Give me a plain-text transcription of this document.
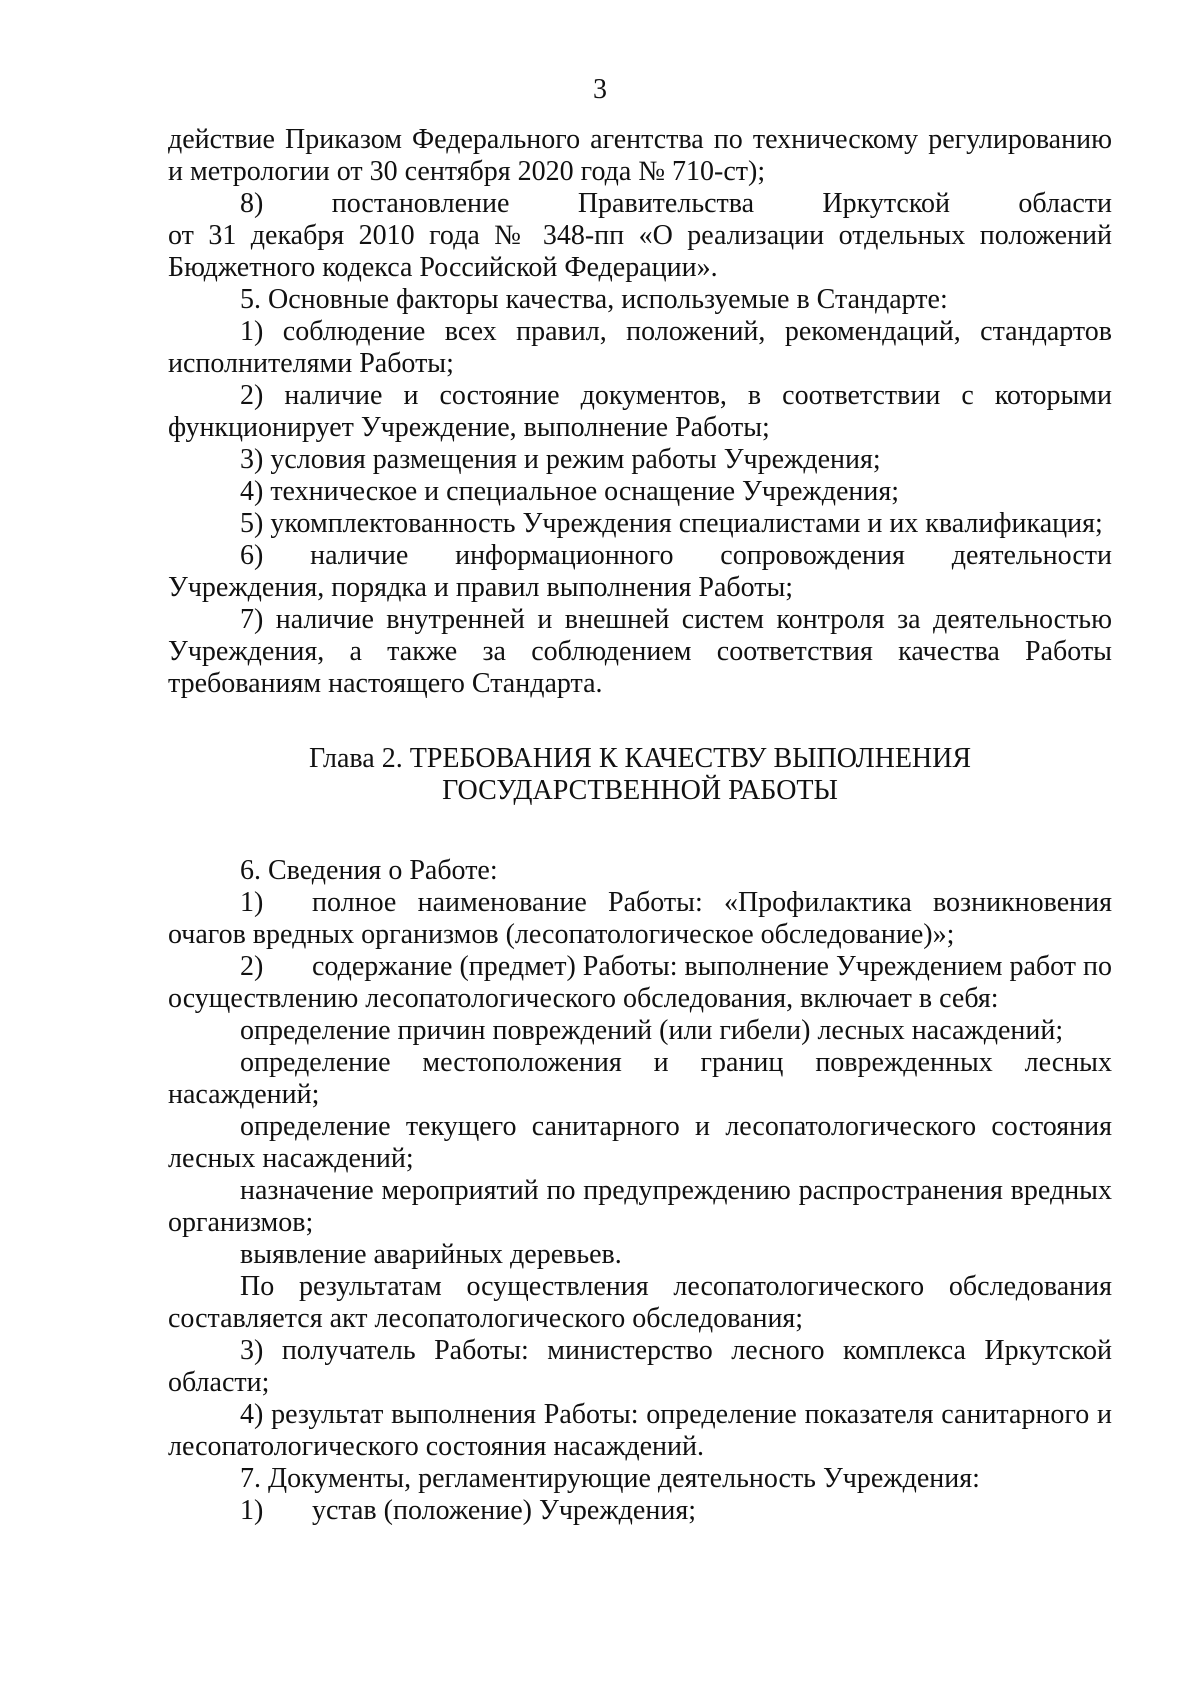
3

действие Приказом Федерального агентства по техническому регулированию и метрологии от 30 сентября 2020 года № 710-ст);

8) постановление Правительства Иркутской области

от 31 декабря 2010 года № 348-пп «О реализации отдельных положений Бюджетного кодекса Российской Федерации».

5. Основные факторы качества, используемые в Стандарте:

1) соблюдение всех правил, положений, рекомендаций, стандартов исполнителями Работы;

2) наличие и состояние документов, в соответствии с которыми функционирует Учреждение, выполнение Работы;

3) условия размещения и режим работы Учреждения;

4) техническое и специальное оснащение Учреждения;

5) укомплектованность Учреждения специалистами и их квалификация;

6) наличие информационного сопровождения деятельности Учреждения, порядка и правил выполнения Работы;

7) наличие внутренней и внешней систем контроля за деятельностью Учреждения, а также за соблюдением соответствия качества Работы требованиям настоящего Стандарта.

Глава 2. ТРЕБОВАНИЯ К КАЧЕСТВУ ВЫПОЛНЕНИЯ
ГОСУДАРСТВЕННОЙ РАБОТЫ

6. Сведения о Работе:

1) полное наименование Работы: «Профилактика возникновения очагов вредных организмов (лесопатологическое обследование)»;

2) содержание (предмет) Работы: выполнение Учреждением работ по осуществлению лесопатологического обследования, включает в себя:

определение причин повреждений (или гибели) лесных насаждений;

определение местоположения и границ поврежденных лесных насаждений;

определение текущего санитарного и лесопатологического состояния лесных насаждений;

назначение мероприятий по предупреждению распространения вредных организмов;

выявление аварийных деревьев.

По результатам осуществления лесопатологического обследования составляется акт лесопатологического обследования;

3) получатель Работы: министерство лесного комплекса Иркутской области;

4) результат выполнения Работы: определение показателя санитарного и лесопатологического состояния насаждений.

7. Документы, регламентирующие деятельность Учреждения:

1) устав (положение) Учреждения;
